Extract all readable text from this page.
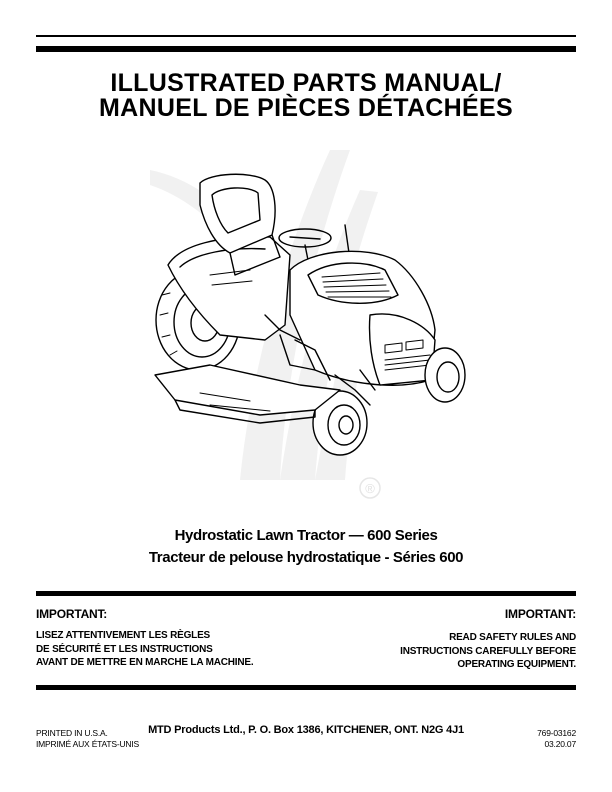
ILLUSTRATED PARTS MANUAL/
MANUEL DE PIÈCES DÉTACHÉES
®
Hydrostatic Lawn Tractor — 600 Series
Tracteur de pelouse hydrostatique - Séries 600
IMPORTANT:
LISEZ ATTENTIVEMENT LES RÈGLES
DE SÉCURITÉ ET LES INSTRUCTIONS
AVANT DE METTRE EN MARCHE LA MACHINE.
IMPORTANT:
READ SAFETY RULES AND
INSTRUCTIONS CAREFULLY BEFORE
OPERATING EQUIPMENT.
PRINTED IN U.S.A.
IMPRIMÉ AUX ÉTATS-UNIS
MTD Products Ltd., P. O. Box 1386, KITCHENER, ONT. N2G 4J1	769-03162
03.20.07
